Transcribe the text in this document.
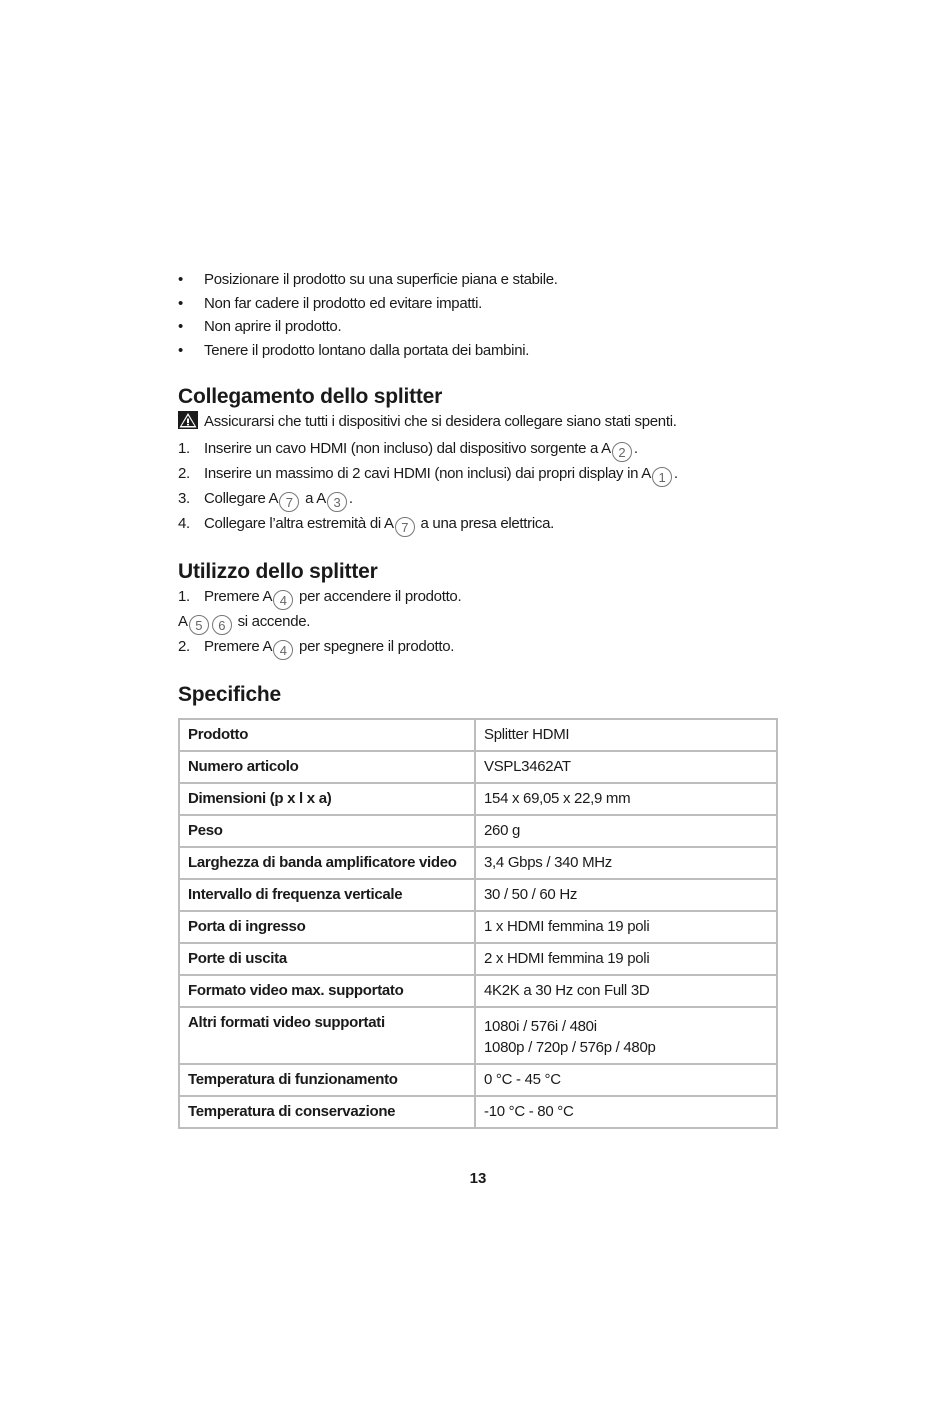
• Posizionare il prodotto su una superficie piana e stabile.
• Non far cadere il prodotto ed evitare impatti.
• Non aprire il prodotto.
• Tenere il prodotto lontano dalla portata dei bambini.
Collegamento dello splitter
Assicurarsi che tutti i dispositivi che si desidera collegare siano stati spenti.
1. Inserire un cavo HDMI (non incluso) dal dispositivo sorgente a A 2 .
2. Inserire un massimo di 2 cavi HDMI (non inclusi) dai propri display in A 1 .
3. Collegare A 7 a A 3 .
4. Collegare l’altra estremità di A 7 a una presa elettrica.
Utilizzo dello splitter
1. Premere A 4 per accendere il prodotto.
A 5 6 si accende.
2. Premere A 4 per spegnere il prodotto.
Specifiche
Prodotto	Splitter HDMI
Numero articolo	VSPL3462AT
Dimensioni (p x l x a)	154 x 69,05 x 22,9 mm
Peso	260 g
Larghezza di banda amplificatore video	3,4 Gbps / 340 MHz
Intervallo di frequenza verticale	30 / 50 / 60 Hz
Porta di ingresso	1 x HDMI femmina 19 poli
Porte di uscita	2 x HDMI femmina 19 poli
Formato video max. supportato	4K2K a 30 Hz con Full 3D
Altri formati video supportati	1080i / 576i / 480i
1080p / 720p / 576p / 480p

Temperatura di funzionamento	0 °C - 45 °C
Temperatura di conservazione	-10 °C - 80 °C
13
